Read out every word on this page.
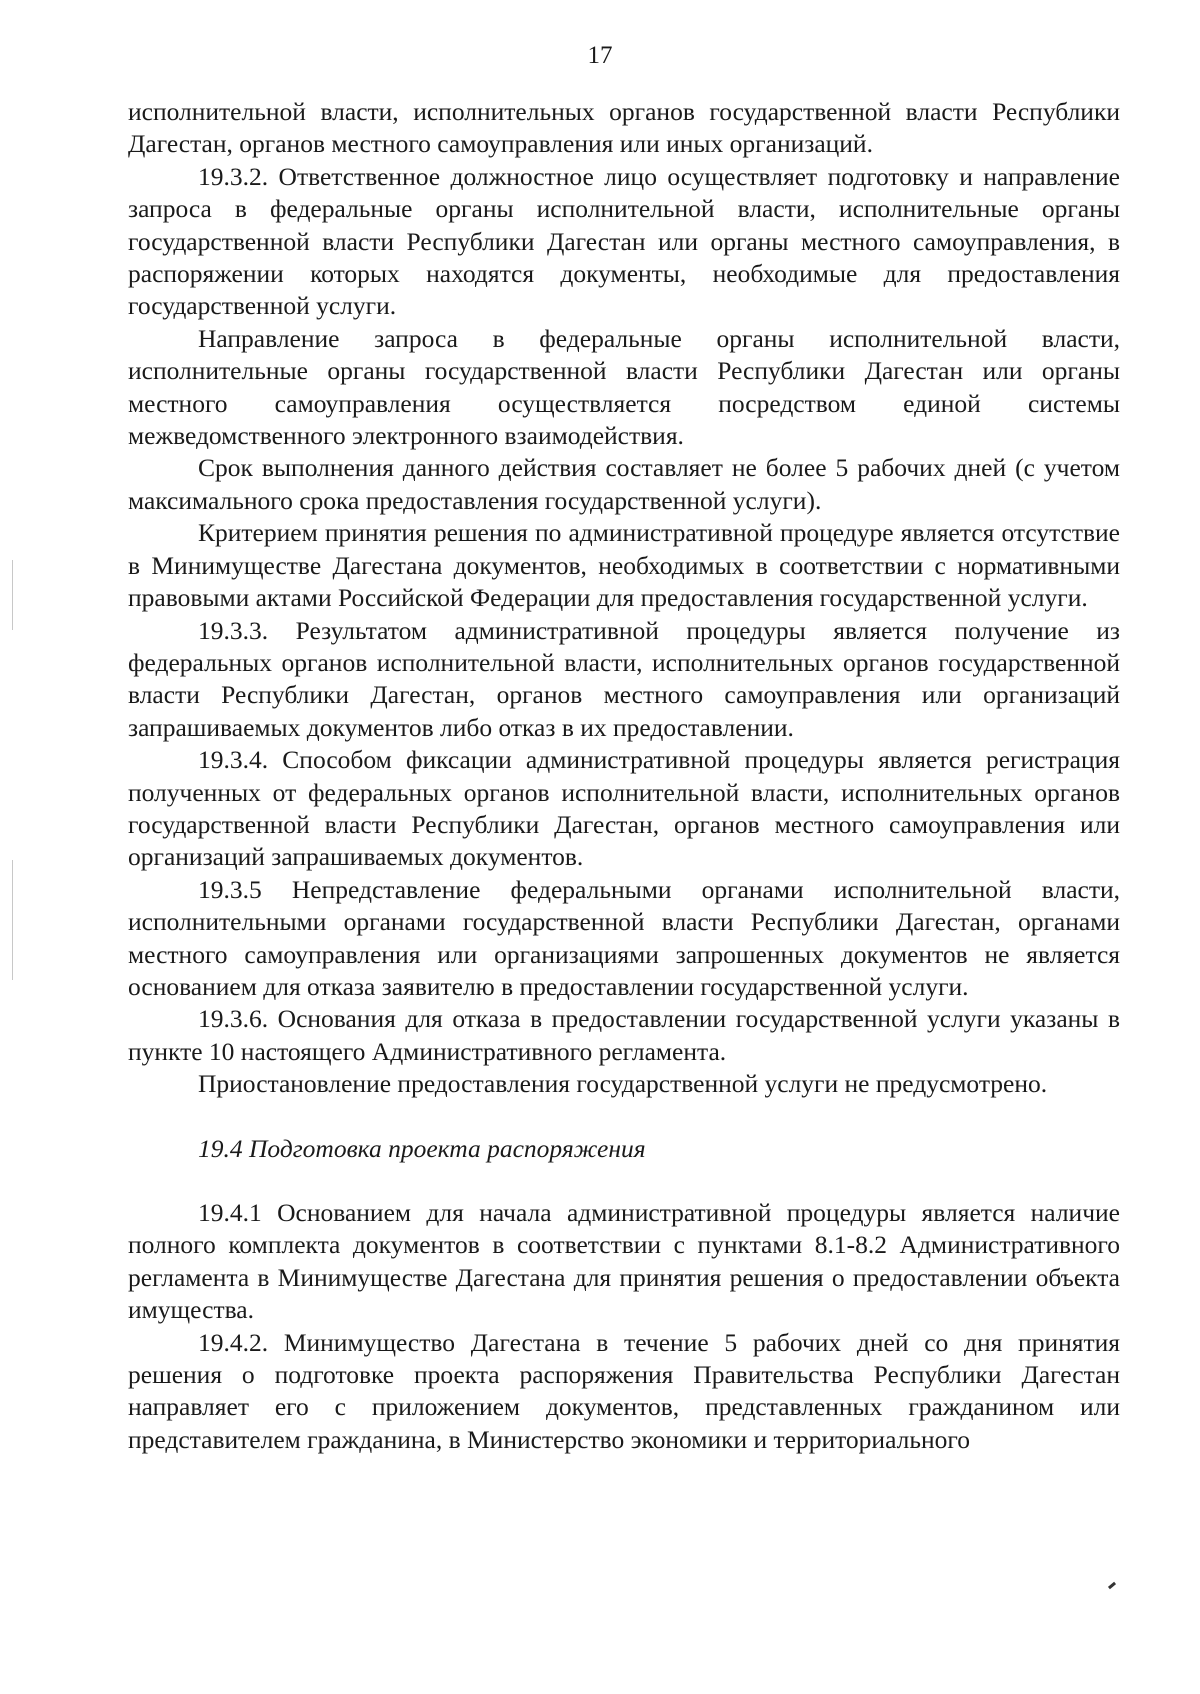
17

исполнительной власти, исполнительных органов государственной власти Республики Дагестан, органов местного самоуправления или иных организаций.

19.3.2. Ответственное должностное лицо осуществляет подготовку и направление запроса в федеральные органы исполнительной власти, исполнительные органы государственной власти Республики Дагестан или органы местного самоуправления, в распоряжении которых находятся документы, необходимые для предоставления государственной услуги.

Направление запроса в федеральные органы исполнительной власти, исполнительные органы государственной власти Республики Дагестан или органы местного самоуправления осуществляется посредством единой системы межведомственного электронного взаимодействия.

Срок выполнения данного действия составляет не более 5 рабочих дней (с учетом максимального срока предоставления государственной услуги).

Критерием принятия решения по административной процедуре является отсутствие в Минимуществе Дагестана документов, необходимых в соответствии с нормативными правовыми актами Российской Федерации для предоставления государственной услуги.

19.3.3. Результатом административной процедуры является получение из федеральных органов исполнительной власти, исполнительных органов государственной власти Республики Дагестан, органов местного самоуправления или организаций запрашиваемых документов либо отказ в их предоставлении.

19.3.4. Способом фиксации административной процедуры является регистрация полученных от федеральных органов исполнительной власти, исполнительных органов государственной власти Республики Дагестан, органов местного самоуправления или организаций запрашиваемых документов.

19.3.5 Непредставление федеральными органами исполнительной власти, исполнительными органами государственной власти Республики Дагестан, органами местного самоуправления или организациями запрошенных документов не является основанием для отказа заявителю в предоставлении государственной услуги.

19.3.6. Основания для отказа в предоставлении государственной услуги указаны в пункте 10 настоящего Административного регламента.

Приостановление предоставления государственной услуги не предусмотрено.

19.4 Подготовка проекта распоряжения

19.4.1 Основанием для начала административной процедуры является наличие полного комплекта документов в соответствии с пунктами 8.1-8.2 Административного регламента в Минимуществе Дагестана для принятия решения о предоставлении объекта имущества.

19.4.2. Минимущество Дагестана в течение 5 рабочих дней со дня принятия решения о подготовке проекта распоряжения Правительства Республики Дагестан направляет его с приложением документов, представленных гражданином или представителем гражданина, в Министерство экономики и территориального
